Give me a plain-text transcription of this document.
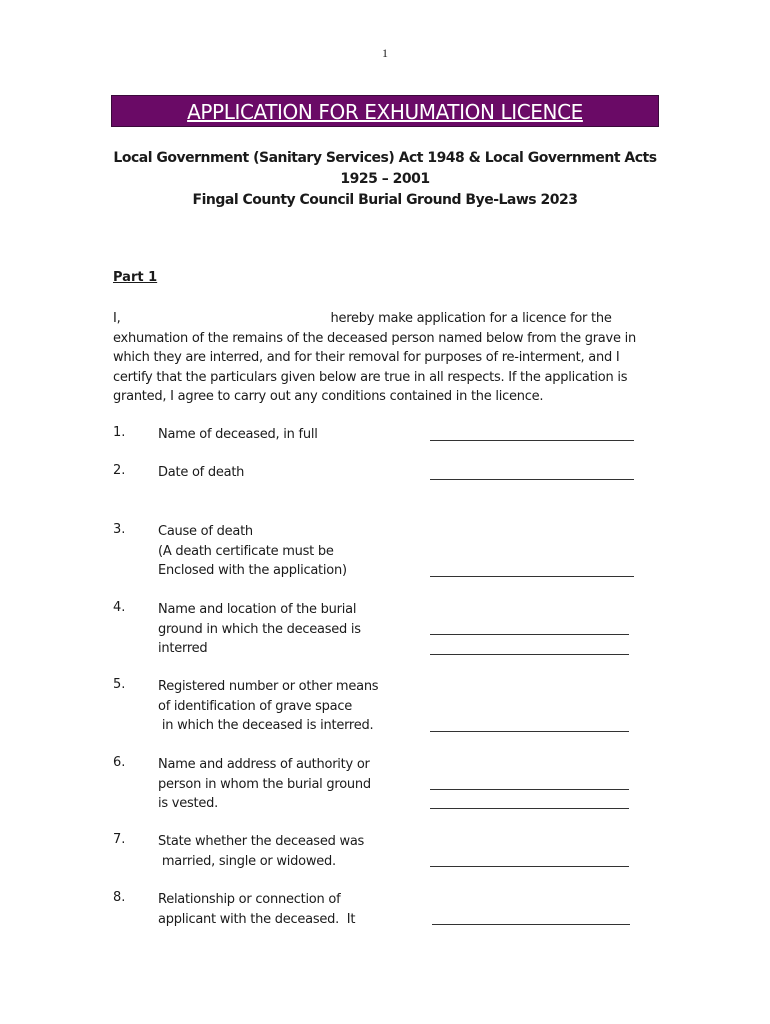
1
APPLICATION FOR EXHUMATION LICENCE
Local Government (Sanitary Services) Act 1948 & Local Government Acts
1925 – 2001
Fingal County Council Burial Ground Bye-Laws 2023
Part 1
I,	hereby make application for a licence for the
exhumation of the remains of the deceased person named below from the grave in
which they are interred, and for their removal for purposes of re-interment, and I
certify that the particulars given below are true in all respects. If the application is
granted, I agree to carry out any conditions contained in the licence.
1.	Name of deceased, in full
2.	Date of death
3.	Cause of death
(A death certificate must be
Enclosed with the application)
4.	Name and location of the burial
ground in which the deceased is
interred
5.	Registered number or other means
of identification of grave space
in which the deceased is interred.
6.	Name and address of authority or
person in whom the burial ground
is vested.
7.	State whether the deceased was
married, single or widowed.
8.	Relationship or connection of
applicant with the deceased.  It
